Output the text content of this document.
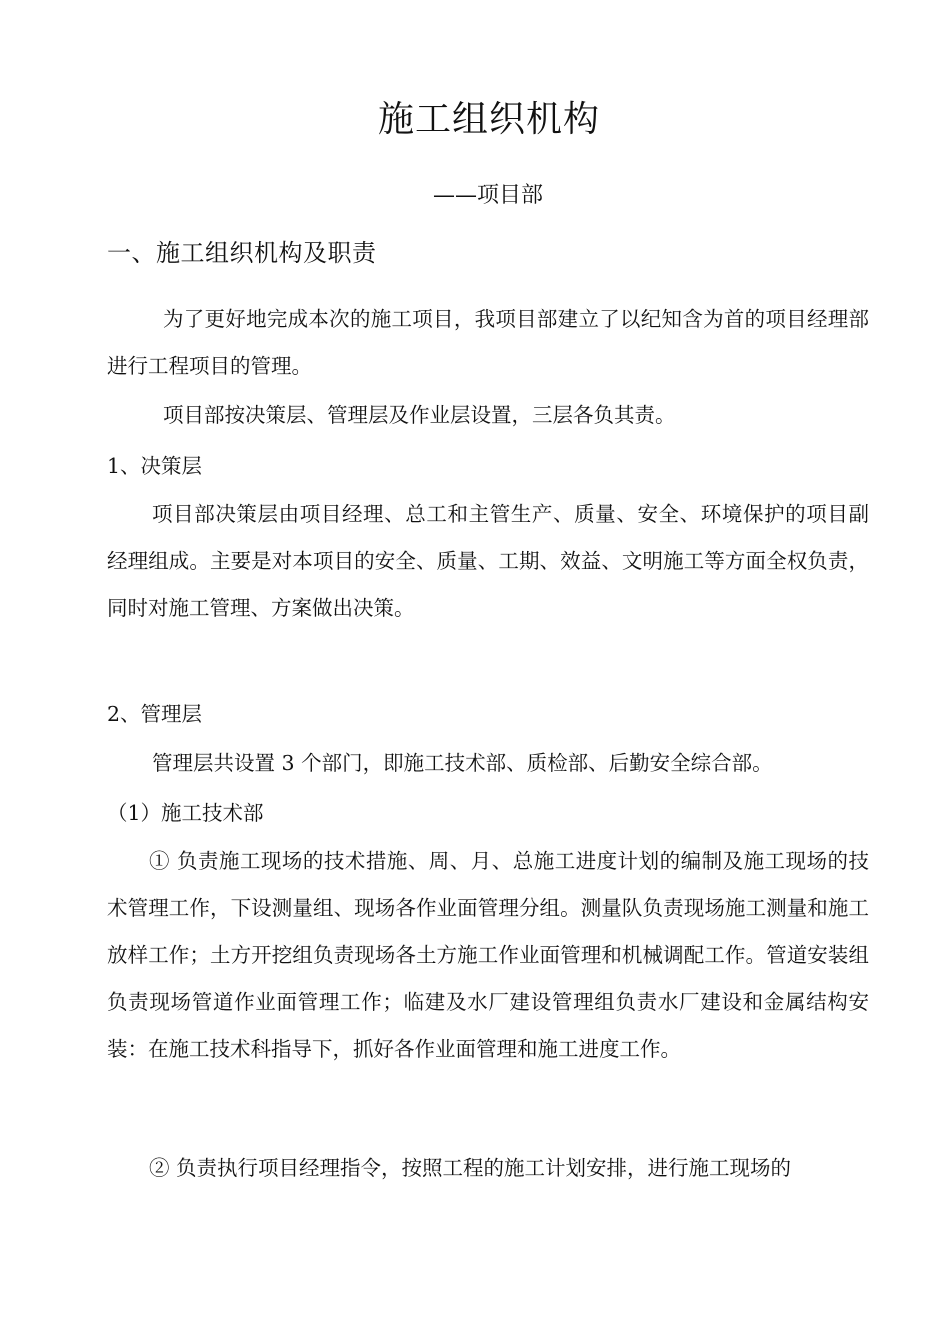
施工组织机构
——项目部
一、施工组织机构及职责

为了更好地完成本次的施工项目，我项目部建立了以纪知含为首的项目经理部进行工程项目的管理。

项目部按决策层、管理层及作业层设置，三层各负其责。
1、决策层

项目部决策层由项目经理、总工和主管生产、质量、安全、环境保护的项目副经理组成。主要是对本项目的安全、质量、工期、效益、文明施工等方面全权负责，同时对施工管理、方案做出决策。

2、管理层
管理层共设置 3 个部门，即施工技术部、质检部、后勤安全综合部。
（1）施工技术部

① 负责施工现场的技术措施、周、月、总施工进度计划的编制及施工现场的技术管理工作，下设测量组、现场各作业面管理分组。测量队负责现场施工测量和施工放样工作；土方开挖组负责现场各土方施工作业面管理和机械调配工作。管道安装组负责现场管道作业面管理工作；临建及水厂建设管理组负责水厂建设和金属结构安装：在施工技术科指导下，抓好各作业面管理和施工进度工作。

② 负责执行项目经理指令，按照工程的施工计划安排，进行施工现场的
